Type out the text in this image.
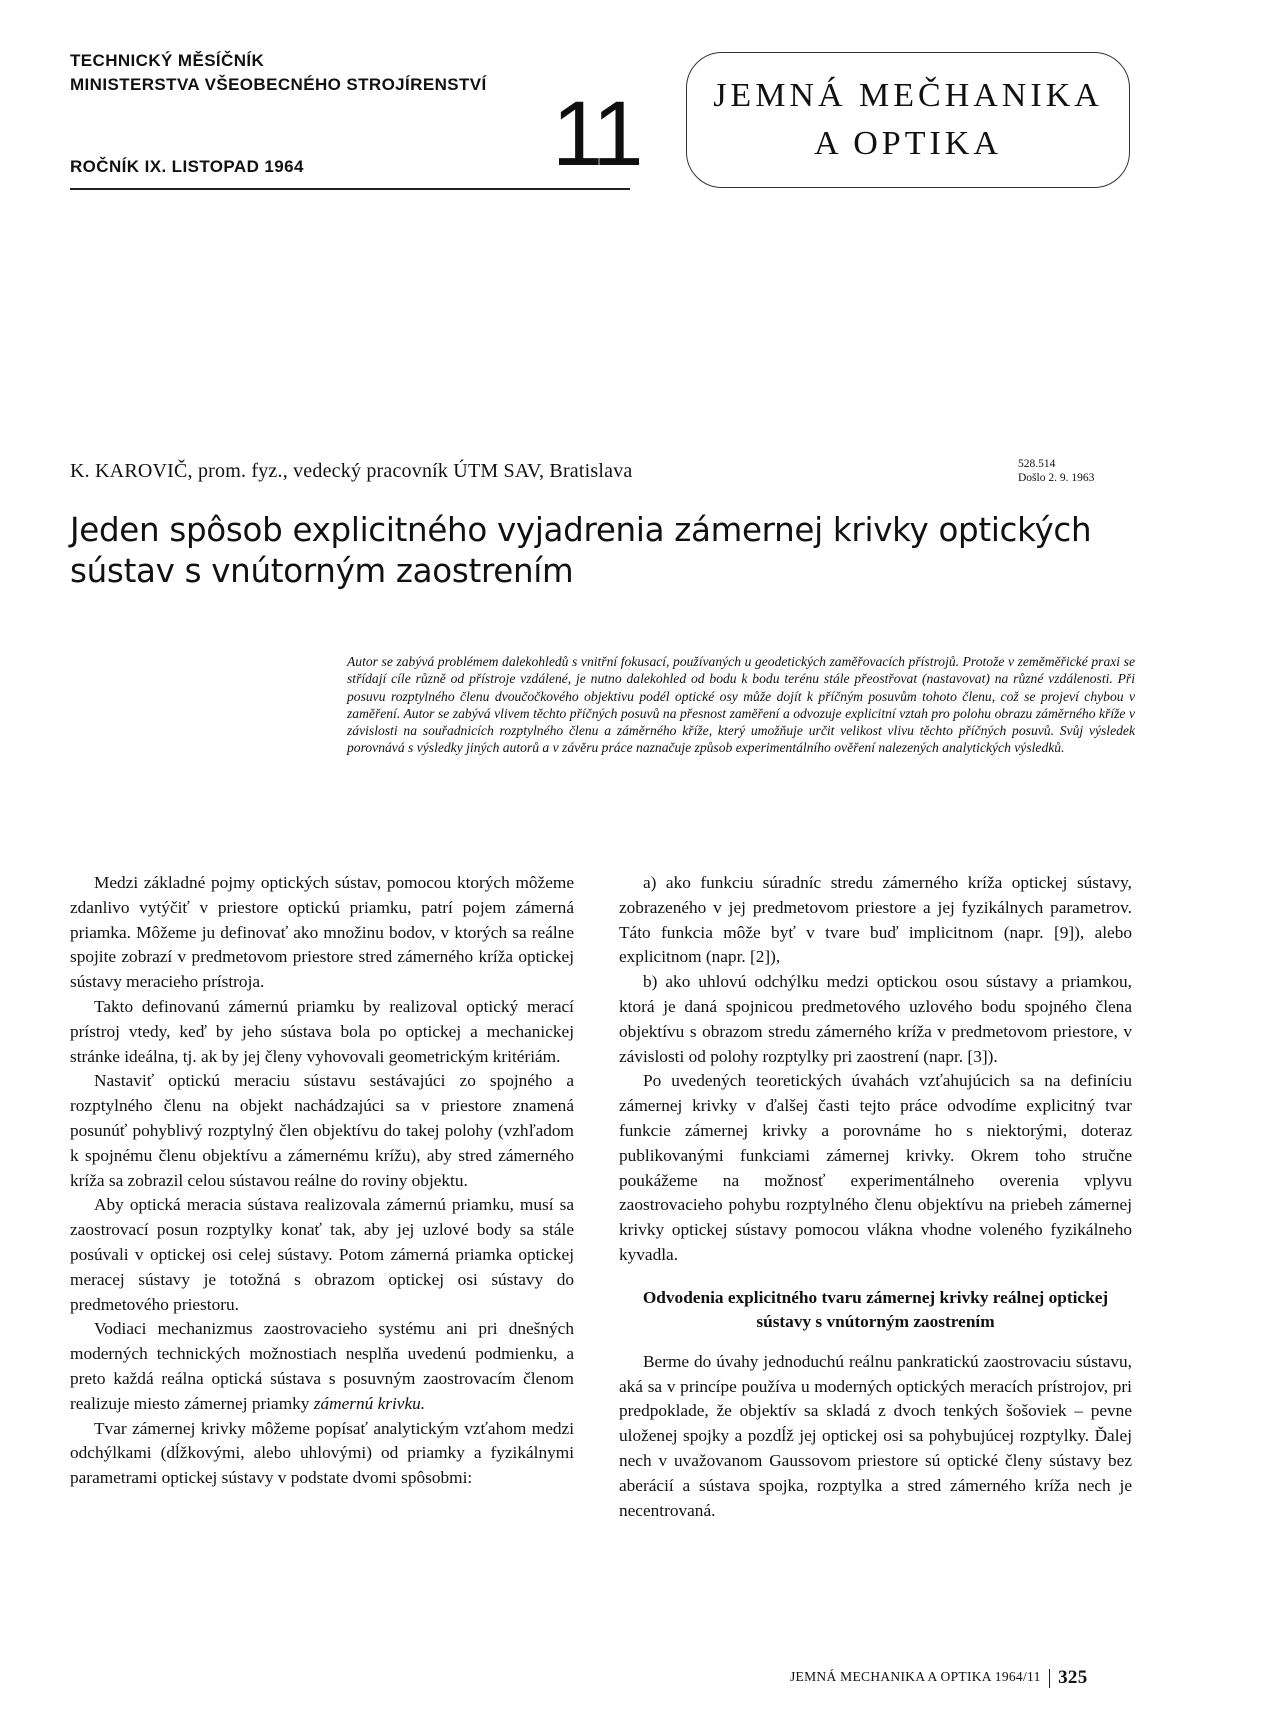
TECHNICKÝ MĚSÍČNÍK
MINISTERSTVA VŠEOBECNÉHO STROJÍRENSTVÍ
ROČNÍK IX. LISTOPAD 1964	11	JEMNÁ MEČHANIKA
A OPTIKA
K. KAROVIČ, prom. fyz., vedecký pracovník ÚTM SAV, Bratislava	528.514
Došlo 2. 9. 1963
Jeden spôsob explicitného vyjadrenia zámernej krivky optických sústav s vnútorným zaostrením
Autor se zabývá problémem dalekohledů s vnitřní fokusací, používaných u geodetických zaměřovacích přístrojů. Protože v zeměměřické praxi se střídají cíle různě od přístroje vzdálené, je nutno dalekohled od bodu k bodu terénu stále přeostřovat (nastavovat) na různé vzdálenosti. Při posuvu rozptylného členu dvoučočkového objektivu podél optické osy může dojít k příčným posuvům tohoto členu, což se projeví chybou v zaměření. Autor se zabývá vlivem těchto příčných posuvů na přesnost zaměření a odvozuje explicitní vztah pro polohu obrazu záměrného kříže v závislosti na souřadnicích rozptylného členu a záměrného kříže, který umožňuje určit velikost vlivu těchto příčných posuvů. Svůj výsledek porovnává s výsledky jiných autorů a v závěru práce naznačuje způsob experimentálního ověření nalezených analytických výsledků.

Medzi základné pojmy optických sústav, pomocou ktorých môžeme zdanlivo vytýčiť v priestore optickú priamku, patrí pojem zámerná priamka. Môžeme ju definovať ako množinu bodov, v ktorých sa reálne spojite zobrazí v predmetovom priestore stred zámerného kríža optickej sústavy meracieho prístroja.

Takto definovanú zámernú priamku by realizoval optický merací prístroj vtedy, keď by jeho sústava bola po optickej a mechanickej stránke ideálna, tj. ak by jej členy vyhovovali geometrickým kritériám.

Nastaviť optickú meraciu sústavu sestávajúci zo spojného a rozptylného členu na objekt nachádzajúci sa v priestore znamená posunúť pohyblivý rozptylný člen objektívu do takej polohy (vzhľadom k spojnému členu objektívu a zámernému krížu), aby stred zámerného kríža sa zobrazil celou sústavou reálne do roviny objektu.

Aby optická meracia sústava realizovala zámernú priamku, musí sa zaostrovací posun rozptylky konať tak, aby jej uzlové body sa stále posúvali v optickej osi celej sústavy. Potom zámerná priamka optickej meracej sústavy je totožná s obrazom optickej osi sústavy do predmetového priestoru.

Vodiaci mechanizmus zaostrovacieho systému ani pri dnešných moderných technických možnostiach nesplňa uvedenú podmienku, a preto každá reálna optická sústava s posuvným zaostrovacím členom realizuje miesto zámernej priamky zámernú krivku.

Tvar zámernej krivky môžeme popísať analytickým vzťahom medzi odchýlkami (dĺžkovými, alebo uhlovými) od priamky a fyzikálnymi parametrami optickej sústavy v podstate dvomi spôsobmi:

a) ako funkciu súradníc stredu zámerného kríža optickej sústavy, zobrazeného v jej predmetovom priestore a jej fyzikálnych parametrov. Táto funkcia môže byť v tvare buď implicitnom (napr. [9]), alebo explicitnom (napr. [2]),

b) ako uhlovú odchýlku medzi optickou osou sústavy a priamkou, ktorá je daná spojnicou predmetového uzlového bodu spojného člena objektívu s obrazom stredu zámerného kríža v predmetovom priestore, v závislosti od polohy rozptylky pri zaostrení (napr. [3]).

Po uvedených teoretických úvahách vzťahujúcich sa na definíciu zámernej krivky v ďalšej časti tejto práce odvodíme explicitný tvar funkcie zámernej krivky a porovnáme ho s niektorými, doteraz publikovanými funkciami zámernej krivky. Okrem toho stručne poukážeme na možnosť experimentálneho overenia vplyvu zaostrovacieho pohybu rozptylného členu objektívu na priebeh zámernej krivky optickej sústavy pomocou vlákna vhodne voleného fyzikálneho kyvadla.

Odvodenia explicitného tvaru zámernej krivky reálnej optickej sústavy s vnútorným zaostrením

Berme do úvahy jednoduchú reálnu pankratickú zaostrovaciu sústavu, aká sa v princípe používa u moderných optických meracích prístrojov, pri predpoklade, že objektív sa skladá z dvoch tenkých šošoviek – pevne uloženej spojky a pozdĺž jej optickej osi sa pohybujúcej rozptylky. Ďalej nech v uvažovanom Gaussovom priestore sú optické členy sústavy bez aberácií a sústava spojka, rozptylka a stred zámerného kríža nech je necentrovaná.

JEMNÁ MECHANIKA A OPTIKA 1964/11 325
